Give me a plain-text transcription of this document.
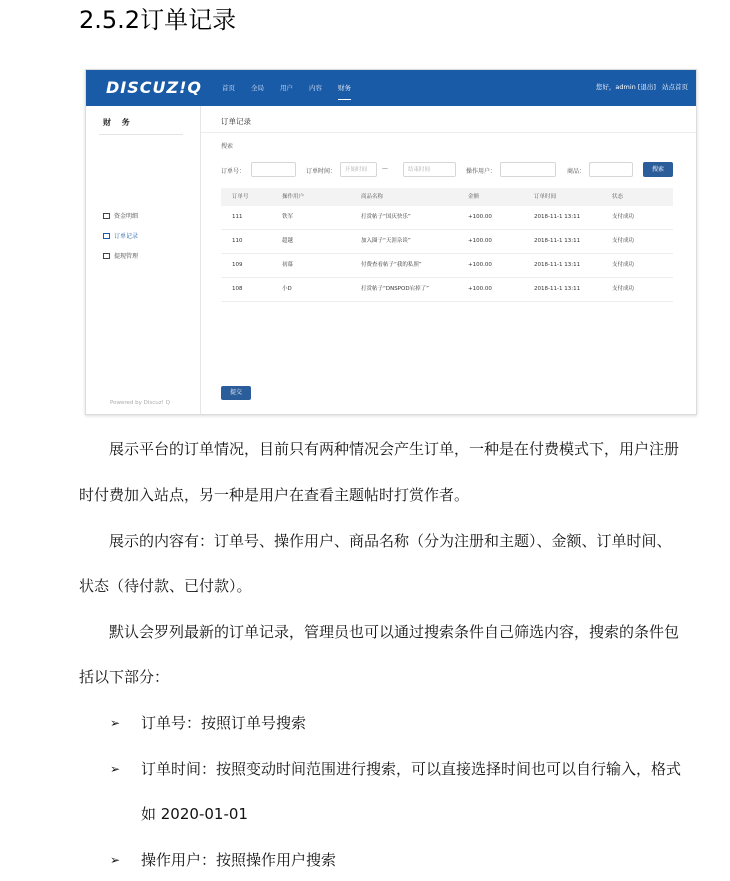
2.5.2订单记录
DISCUZ!Q	首页 全局 用户 内容 财务	您好，admin [退出] 站点首页
财 务
资金明细
订单记录
提现管理
Powered by Discuz! Q
订单记录
搜索
订单号：	订单时间：	开始时间	—	结束时间	操作用户：	商品：	搜索
订单号	操作用户	商品名称	金额	订单时间	状态
111	铁军	打赏帖子“国庆快乐”	+100.00	2018-11-1 13:11	支付成功
110	超越	加入圈子“天涯杂谈”	+100.00	2018-11-1 13:11	支付成功
109	初幕	付费查看帖子“我的私照”	+100.00	2018-11-1 13:11	支付成功
108	小D	打赏帖子“DNSPOD宕掉了”	+100.00	2018-11-1 13:11	支付成功
提交

展示平台的订单情况，目前只有两种情况会产生订单，一种是在付费模式下，用户注册

时付费加入站点，另一种是用户在查看主题帖时打赏作者。

展示的内容有：订单号、操作用户、商品名称（分为注册和主题）、金额、订单时间、

状态（待付款、已付款）。

默认会罗列最新的订单记录，管理员也可以通过搜索条件自己筛选内容，搜索的条件包

括以下部分：

➢ 订单号：按照订单号搜索
➢ 订单时间：按照变动时间范围进行搜索，可以直接选择时间也可以自行输入，格式
如 2020-01-01
➢ 操作用户：按照操作用户搜索
